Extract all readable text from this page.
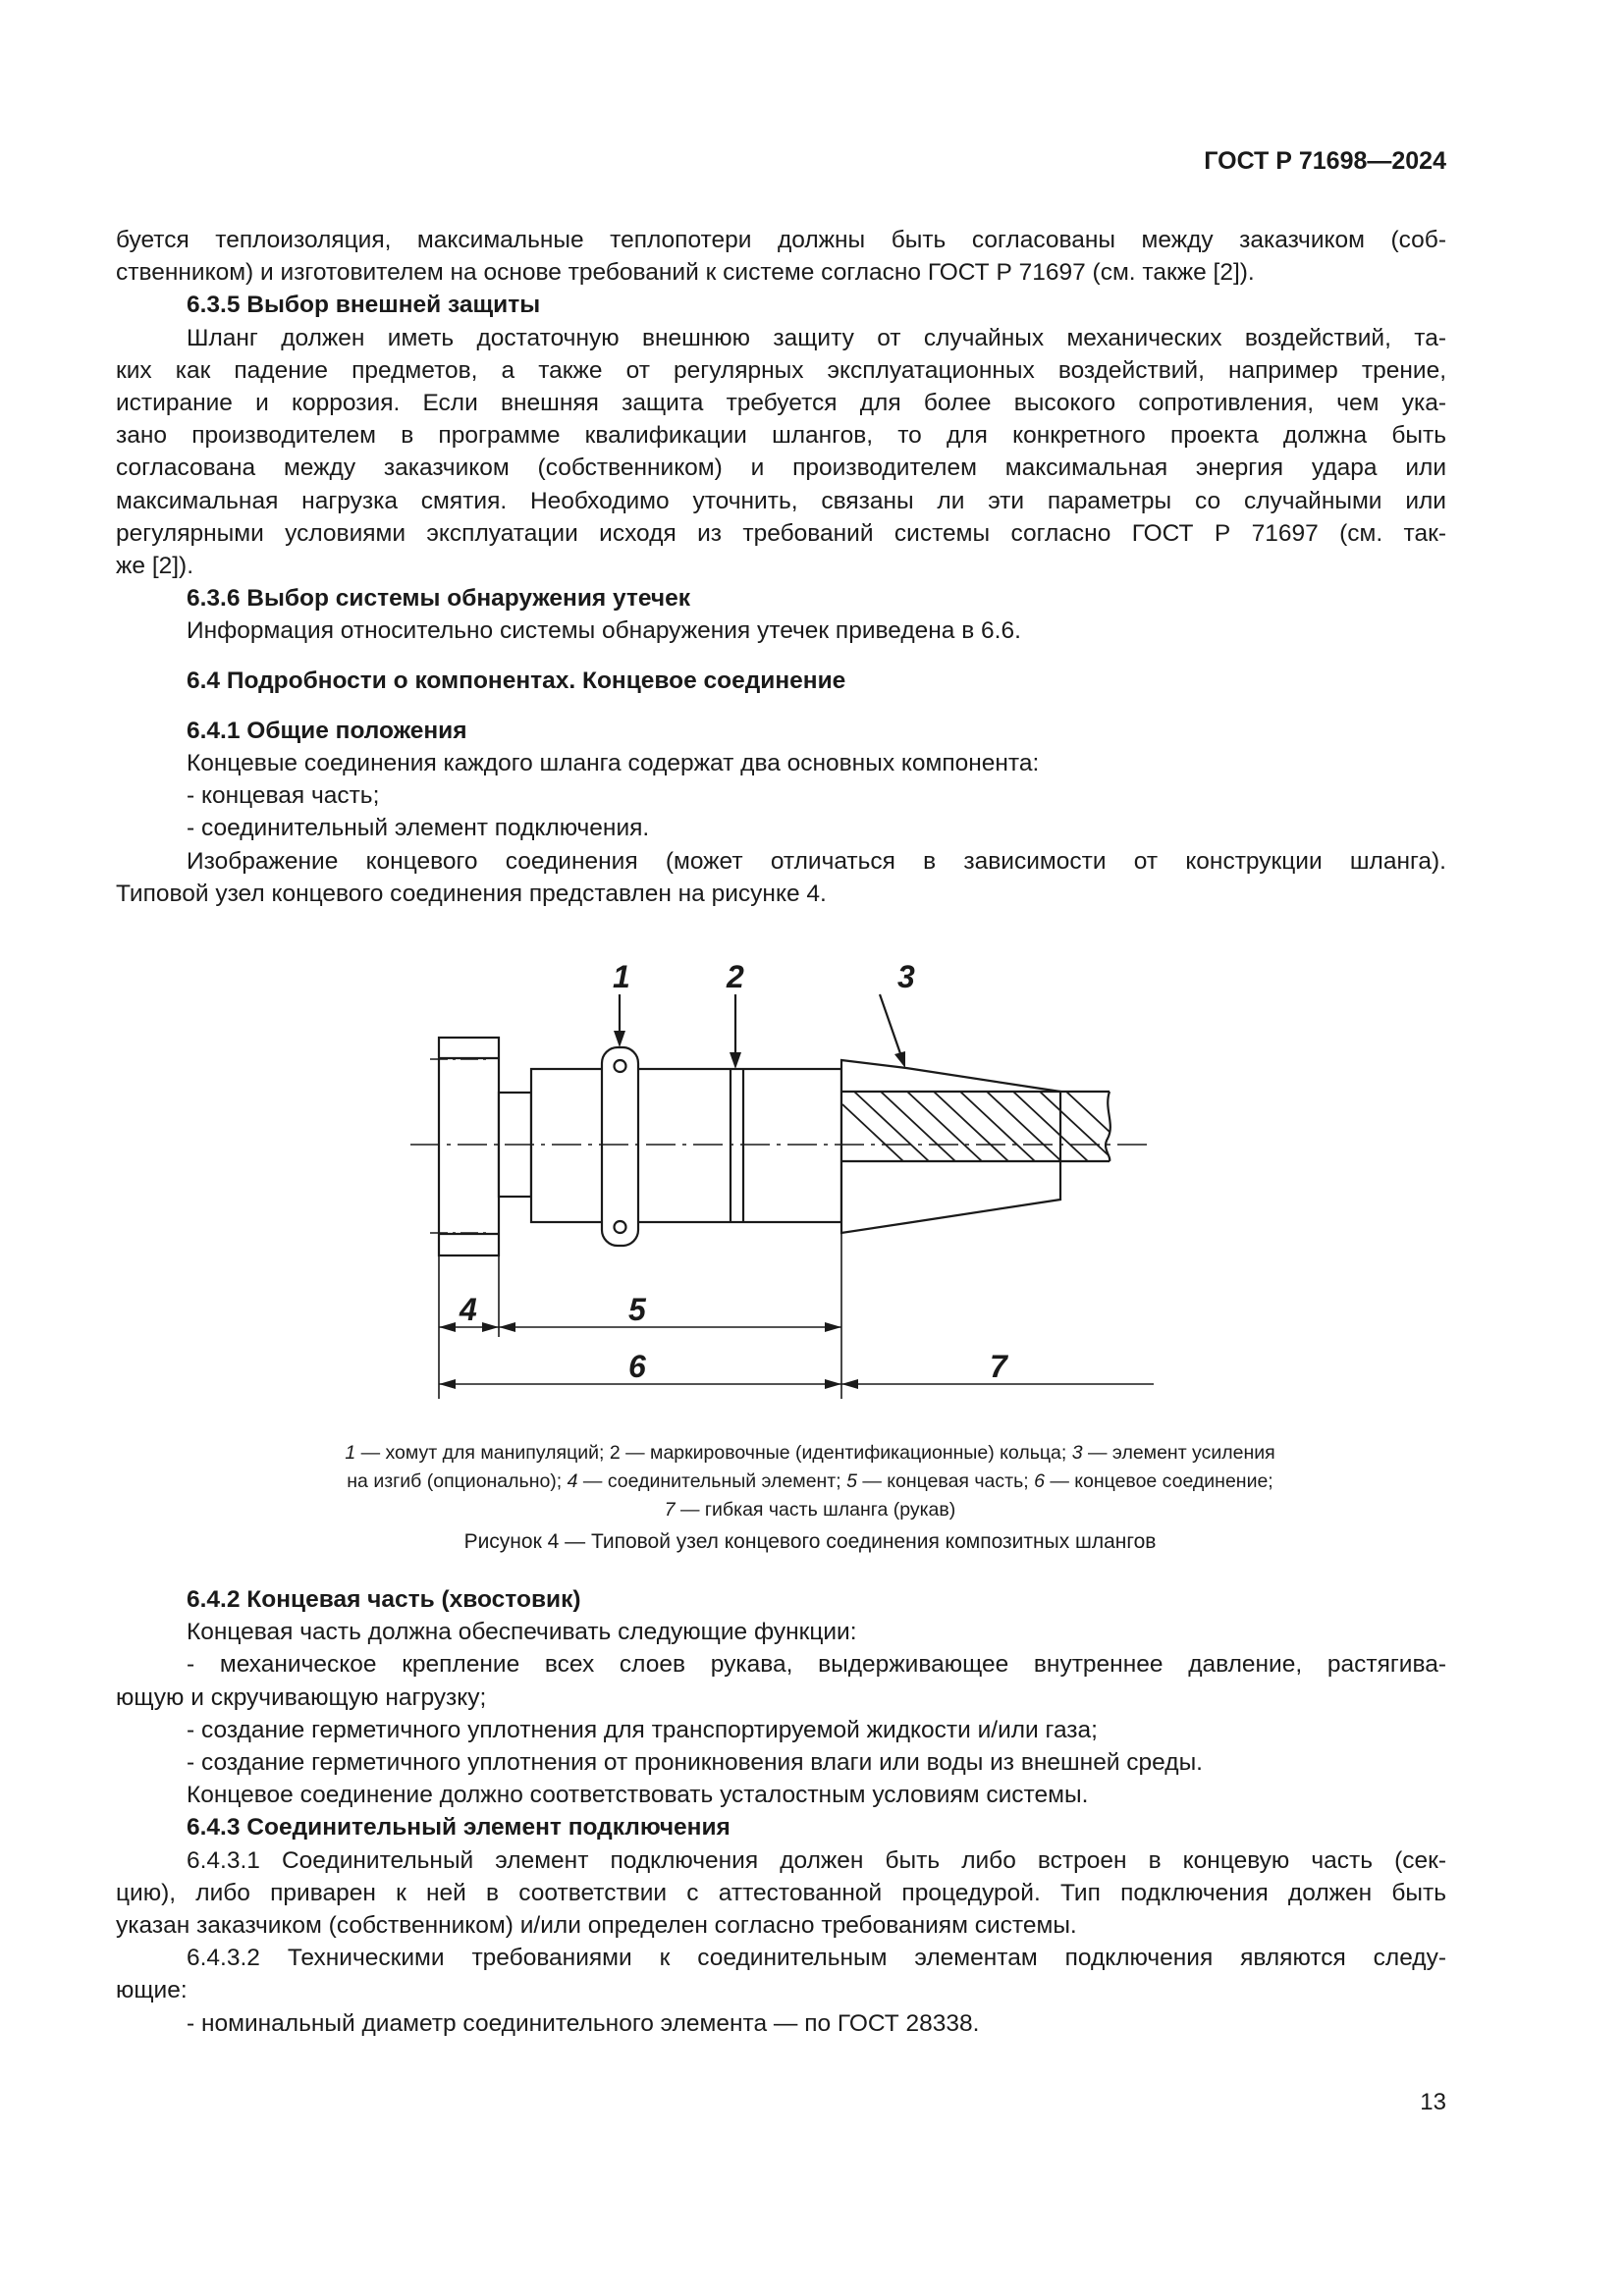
ГОСТ Р 71698—2024

буется теплоизоляция, максимальные теплопотери должны быть согласованы между заказчиком (соб-

ственником) и изготовителем на основе требований к системе согласно ГОСТ Р 71697 (см. также [2]).

6.3.5 Выбор внешней защиты

Шланг должен иметь достаточную внешнюю защиту от случайных механических воздействий, та-

ких как падение предметов, а также от регулярных эксплуатационных воздействий, например трение,

истирание и коррозия. Если внешняя защита требуется для более высокого сопротивления, чем ука-

зано производителем в программе квалификации шлангов, то для конкретного проекта должна быть

согласована между заказчиком (собственником) и производителем максимальная энергия удара или

максимальная нагрузка смятия. Необходимо уточнить, связаны ли эти параметры со случайными или

регулярными условиями эксплуатации исходя из требований системы согласно ГОСТ Р 71697 (см. так-

же [2]).

6.3.6 Выбор системы обнаружения утечек

Информация относительно системы обнаружения утечек приведена в 6.6.

6.4 Подробности о компонентах. Концевое соединение

6.4.1 Общие положения

Концевые соединения каждого шланга содержат два основных компонента:

- концевая часть;

- соединительный элемент подключения.

Изображение концевого соединения (может отличаться в зависимости от конструкции шланга).

Типовой узел концевого соединения представлен на рисунке 4.

1	2	3
4	5
6	7
1 — хомут для манипуляций; 2 — маркировочные (идентификационные) кольца; 3 — элемент усиления
на изгиб (опционально); 4 — соединительный элемент; 5 — концевая часть; 6 — концевое соединение;
7 — гибкая часть шланга (рукав)
Рисунок 4 — Типовой узел концевого соединения композитных шлангов

6.4.2 Концевая часть (хвостовик)

Концевая часть должна обеспечивать следующие функции:

- механическое крепление всех слоев рукава, выдерживающее внутреннее давление, растягива-

ющую и скручивающую нагрузку;

- создание герметичного уплотнения для транспортируемой жидкости и/или газа;

- создание герметичного уплотнения от проникновения влаги или воды из внешней среды.

Концевое соединение должно соответствовать усталостным условиям системы.

6.4.3 Соединительный элемент подключения

6.4.3.1 Соединительный элемент подключения должен быть либо встроен в концевую часть (сек-

цию), либо приварен к ней в соответствии с аттестованной процедурой. Тип подключения должен быть

указан заказчиком (собственником) и/или определен согласно требованиям системы.

6.4.3.2 Техническими требованиями к соединительным элементам подключения являются следу-

ющие:

- номинальный диаметр соединительного элемента — по ГОСТ 28338.

13
